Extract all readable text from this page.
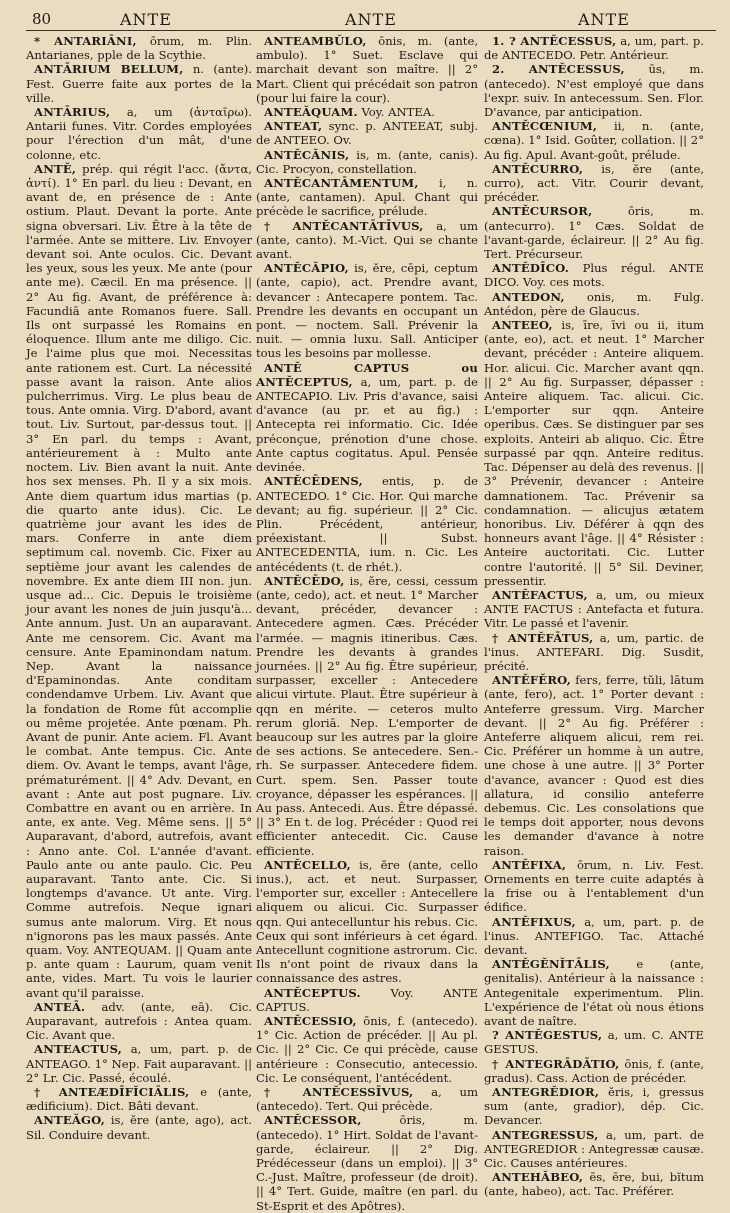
80	ANTE	ANTE	ANTE

* ANTARIĀNI, ōrum, m. Plin. Antarianes, pple de la Scythie.

ANTĀRIUM BELLUM, n. (ante). Fest. Guerre faite aux portes de la ville.

ANTĀRIUS, a, um (ἀνταῖρω). Antarii funes. Vitr. Cordes employées pour l'érection d'un mât, d'une colonne, etc.

ANTĔ, prép. qui régit l'acc. (ἄντα, ἀντί). 1° En parl. du lieu : Devant, en avant de, en présence de : Ante ostium. Plaut. Devant la porte. Ante signa obversari. Liv. Être à la tête de l'armée. Ante se mittere. Liv. Envoyer devant soi. Ante oculos. Cic. Devant les yeux, sous les yeux. Me ante (pour ante me). Cæcil. En ma présence. || 2° Au fig. Avant, de préférence à: Facundiā ante Romanos fuere. Sall. Ils ont surpassé les Romains en éloquence. Illum ante me diligo. Cic. Je l'aime plus que moi. Necessitas ante rationem est. Curt. La nécessité passe avant la raison. Ante alios pulcherrimus. Virg. Le plus beau de tous. Ante omnia. Virg. D'abord, avant tout. Liv. Surtout, par-dessus tout. || 3° En parl. du temps : Avant, antérieurement à : Multo ante noctem. Liv. Bien avant la nuit. Ante hos sex menses. Ph. Il y a six mois. Ante diem quartum idus martias (p. die quarto ante idus). Cic. Le quatrième jour avant les ides de mars. Conferre in ante diem septimum cal. novemb. Cic. Fixer au septième jour avant les calendes de novembre. Ex ante diem III non. jun. usque ad... Cic. Depuis le troisième jour avant les nones de juin jusqu'à... Ante annum. Just. Un an auparavant. Ante me censorem. Cic. Avant ma censure. Ante Epaminondam natum. Nep. Avant la naissance d'Epaminondas. Ante conditam condendamve Urbem. Liv. Avant que la fondation de Rome fût accomplie ou même projetée. Ante pœnam. Ph. Avant de punir. Ante aciem. Fl. Avant le combat. Ante tempus. Cic. Ante diem. Ov. Avant le temps, avant l'âge, prématurément. || 4° Adv. Devant, en avant : Ante aut post pugnare. Liv. Combattre en avant ou en arrière. In ante, ex ante. Veg. Même sens. || 5° Auparavant, d'abord, autrefois, avant : Anno ante. Col. L'année d'avant. Paulo ante ou ante paulo. Cic. Peu auparavant. Tanto ante. Cic. Si longtemps d'avance. Ut ante. Virg. Comme autrefois. Neque ignari sumus ante malorum. Virg. Et nous n'ignorons pas les maux passés. Ante quam. Voy. ANTEQUAM. || Quam ante p. ante quam : Laurum, quam venit ante, vides. Mart. Tu vois le laurier avant qu'il paraisse.

ANTEĀ. adv. (ante, eā). Cic. Auparavant, autrefois : Antea quam. Cic. Avant que.

ANTEACTUS, a, um, part. p. de ANTEAGO. 1° Nep. Fait auparavant. || 2° Lr. Cic. Passé, écoulé.

† ANTEÆDĪFĬCIĀLIS, e (ante, ædificium). Dict. Bâti devant.

ANTEĂGO, is, ĕre (ante, ago), act. Sil. Conduire devant.

ANTEAMBŬLO, ōnis, m. (ante, ambulo). 1° Suet. Esclave qui marchait devant son maître. || 2° Mart. Client qui précédait son patron (pour lui faire la cour).

ANTEĂQUAM. Voy. ANTEA.

ANTEAT, sync. p. ANTEEAT, subj. de ANTEEO. Ov.

ANTĔCĂNIS, is, m. (ante, canis). Cic. Procyon, constellation.

ANTĔCANTĀMENTUM, i, n. (ante, cantamen). Apul. Chant qui précède le sacrifice, prélude.

† ANTĔCANTĀTĪVUS, a, um (ante, canto). M.-Vict. Qui se chante avant.

ANTĔCĂPIO, is, ĕre, cēpi, ceptum (ante, capio), act. Prendre avant, devancer : Antecapere pontem. Tac. Prendre les devants en occupant un pont. — noctem. Sall. Prévenir la nuit. — omnia luxu. Sall. Anticiper tous les besoins par mollesse.

ANTĔ CAPTUS ou ANTĔCEPTUS, a, um, part. p. de ANTECAPIO. Liv. Pris d'avance, saisi d'avance (au pr. et au fig.) : Antecepta rei informatio. Cic. Idée préconçue, prénotion d'une chose. Ante captus cogitatus. Apul. Pensée devinée.

ANTĔCĒDENS, entis, p. de ANTECEDO. 1° Cic. Hor. Qui marche devant; au fig. supérieur. || 2° Cic. Plin. Précédent, antérieur, préexistant. || Subst. ANTECEDENTIA, ium. n. Cic. Les antécédents (t. de rhét.).

ANTĔCĒDO, is, ĕre, cessi, cessum (ante, cedo), act. et neut. 1° Marcher devant, précéder, devancer : Antecedere agmen. Cæs. Précéder l'armée. — magnis itineribus. Cæs. Prendre les devants à grandes journées. || 2° Au fig. Être supérieur, surpasser, exceller : Antecedere alicui virtute. Plaut. Être supérieur à qqn en mérite. — ceteros multo rerum gloriā. Nep. L'emporter de beaucoup sur les autres par la gloire de ses actions. Se antecedere. Sen.-rh. Se surpasser. Antecedere fidem. Curt. spem. Sen. Passer toute croyance, dépasser les espérances. || Au pass. Antecedi. Aus. Être dépassé. || 3° En t. de log. Précéder : Quod rei efficienter antecedit. Cic. Cause efficiente.

ANTĔCELLO, is, ĕre (ante, cello inus.), act. et neut. Surpasser, l'emporter sur, exceller : Antecellere aliquem ou alicui. Cic. Surpasser qqn. Qui antecelluntur his rebus. Cic. Ceux qui sont inférieurs à cet égard. Antecellunt cognitione astrorum. Cic. Ils n'ont point de rivaux dans la connaissance des astres.

ANTĔCEPTUS.	Voy. ANTE CAPTUS.

ANTĔCESSIO, ōnis, f. (antecedo). 1° Cic. Action de précéder. || Au pl. Cic. || 2° Cic. Ce qui précède, cause antérieure : Consecutio, antecessio. Cic. Le conséquent, l'antécédent.

† ANTĔCESSĪVUS, a, um (antecedo). Tert. Qui précède.

ANTĔCESSOR,	ōris, m. (antecedo). 1° Hirt. Soldat de l'avant-garde, éclaireur. || 2° Dig. Prédécesseur (dans un emploi). || 3° C.-Just. Maître, professeur (de droit). || 4° Tert. Guide, maître (en parl. du St-Esprit et des Apôtres).

1. ? ANTĔCESSUS, a, um, part. p. de ANTECEDO. Petr. Antérieur.

2. ANTĔCESSUS, ūs, m. (antecedo). N'est employé que dans l'expr. suiv. In antecessum. Sen. Flor. D'avance, par anticipation.

ANTĔCŒNIUM, ii, n. (ante, cœna). 1° Isid. Goûter, collation. || 2° Au fig. Apul. Avant-goût, prélude.

ANTĔCURRO, is, ĕre (ante, curro), act. Vitr. Courir devant, précéder.

ANTĔCURSOR,	ōris, m. (antecurro). 1° Cæs. Soldat de l'avant-garde, éclaireur. || 2° Au fig. Tert. Précurseur.

ANTĔDĪCO. Plus régul. ANTE DICO. Voy. ces mots.

ANTEDON, onis, m. Fulg. Antédon, père de Glaucus.

ANTEEO, is, īre, īvi ou ii, itum (ante, eo), act. et neut. 1° Marcher devant, précéder : Anteire aliquem. Hor. alicui. Cic. Marcher avant qqn. || 2° Au fig. Surpasser, dépasser : Anteire aliquem. Tac. alicui. Cic. L'emporter sur qqn. Anteire operibus. Cæs. Se distinguer par ses exploits. Anteiri ab aliquo. Cic. Être surpassé par qqn. Anteire reditus. Tac. Dépenser au delà des revenus. || 3° Prévenir, devancer : Anteire damnationem. Tac. Prévenir sa condamnation. — alicujus ætatem honoribus. Liv. Déférer à qqn des honneurs avant l'âge. || 4° Résister : Anteire auctoritati. Cic. Lutter contre l'autorité. || 5° Sil. Deviner, pressentir.

ANTĔFACTUS, a, um, ou mieux ANTE FACTUS : Antefacta et futura. Vitr. Le passé et l'avenir.

† ANTĔFĀTUS, a, um, partic. de l'inus. ANTEFARI. Dig. Susdit, précité.

ANTĔFĔRO, fers, ferre, tŭli, lātum (ante, fero), act. 1° Porter devant : Anteferre gressum. Virg. Marcher devant. || 2° Au fig. Préférer : Anteferre aliquem alicui, rem rei. Cic. Préférer un homme à un autre, une chose à une autre. || 3° Porter d'avance, avancer : Quod est dies allatura, id consilio anteferre debemus. Cic. Les consolations que le temps doit apporter, nous devons les demander d'avance à notre raison.

ANTĔFIXA, ōrum, n. Liv. Fest. Ornements en terre cuite adaptés à la frise ou à l'entablement d'un édifice.

ANTĔFIXUS, a, um, part. p. de l'inus. ANTEFIGO. Tac. Attaché devant.

ANTĔGĔNĬTĀLIS, e (ante, genitalis). Antérieur à la naissance : Antegenitale experimentum. Plin. L'expérience de l'état où nous étions avant de naître.

? ANTĔGESTUS, a, um. C. ANTE GESTUS.

† ANTEGRĀDĀTIO, ōnis, f. (ante, gradus). Cass. Action de précéder.

ANTEGRĔDIOR, ĕris, i, gressus sum (ante, gradior), dép. Cic. Devancer.

ANTEGRESSUS, a, um, part. de ANTEGREDIOR : Antegressæ causæ. Cic. Causes antérieures.

ANTEHĂBEO, ēs, ēre, bui, bĭtum (ante, habeo), act. Tac. Préférer.
